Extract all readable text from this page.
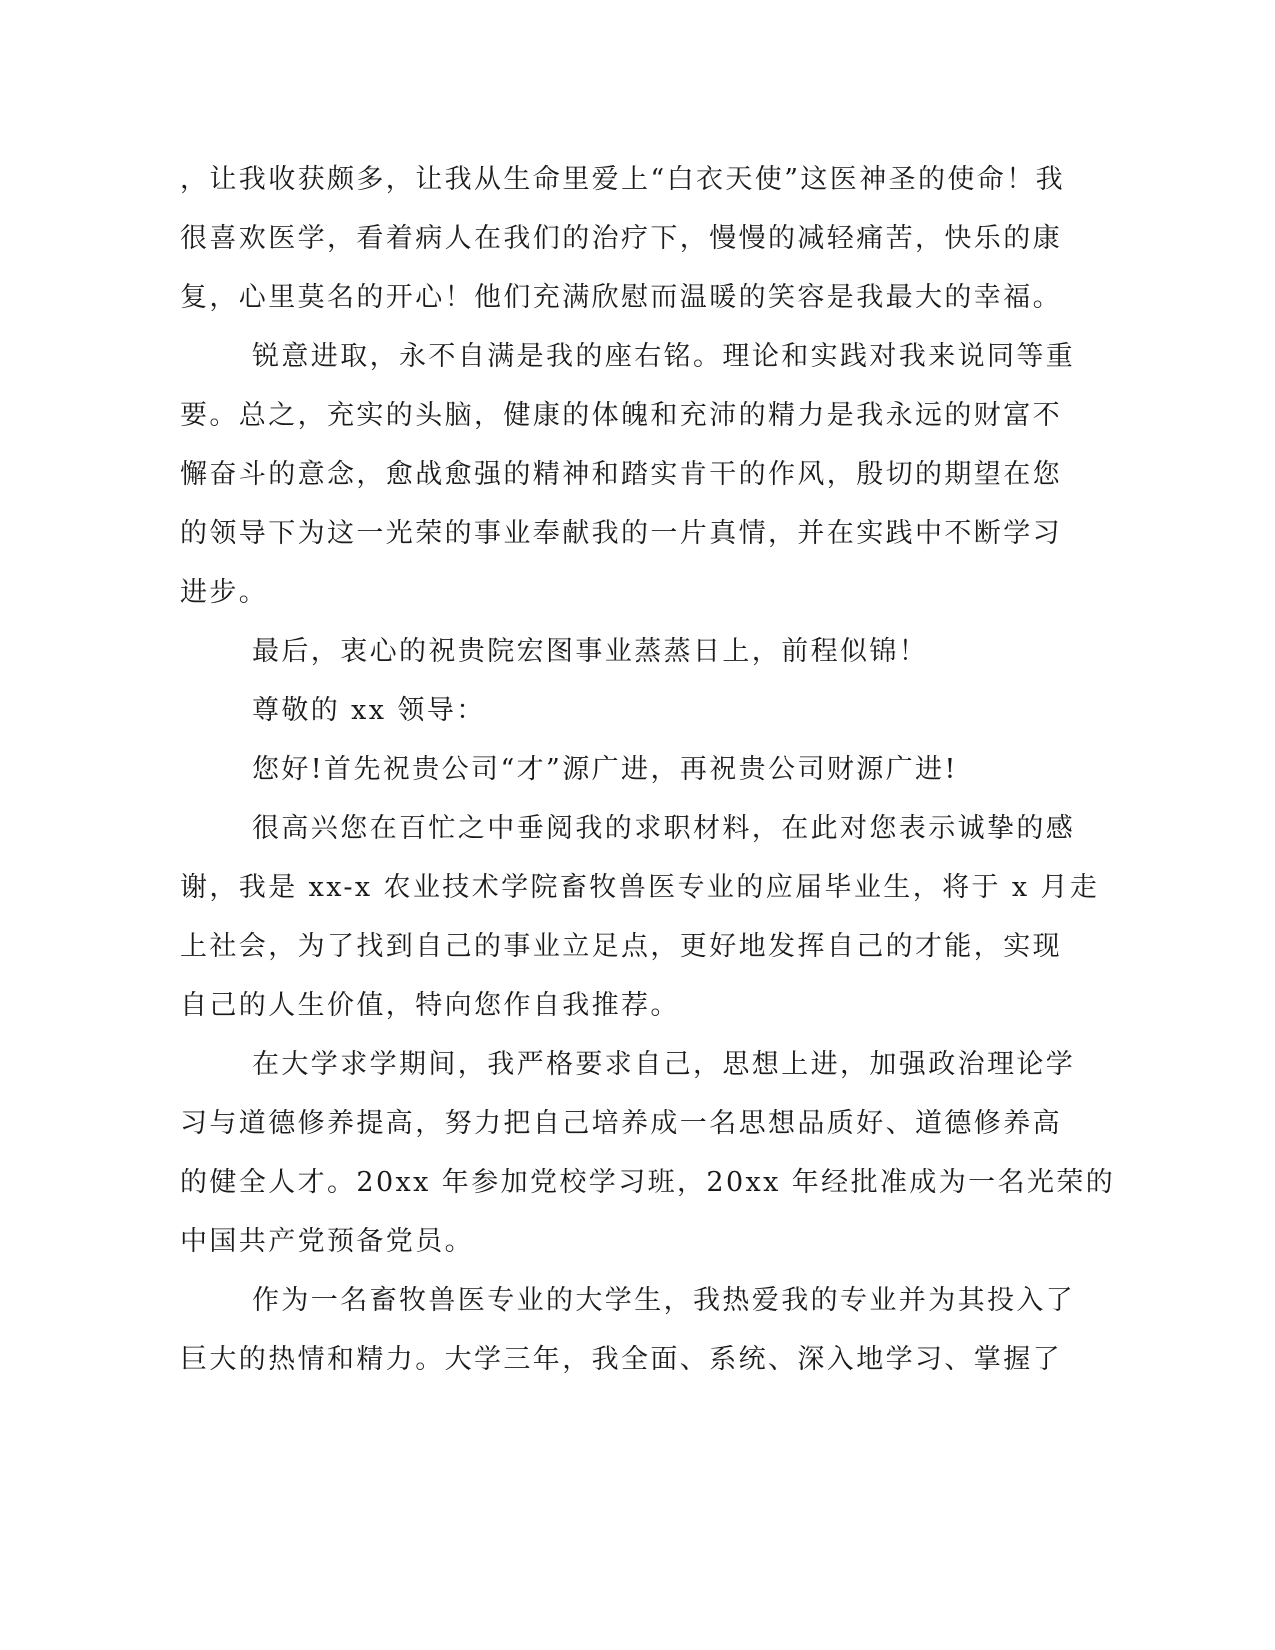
，让我收获颇多，让我从生命里爱上“白衣天使”这医神圣的使命！我
很喜欢医学，看着病人在我们的治疗下，慢慢的减轻痛苦，快乐的康
复，心里莫名的开心！他们充满欣慰而温暖的笑容是我最大的幸福。
锐意进取，永不自满是我的座右铭。理论和实践对我来说同等重
要。总之，充实的头脑，健康的体魄和充沛的精力是我永远的财富不
懈奋斗的意念，愈战愈强的精神和踏实肯干的作风，殷切的期望在您
的领导下为这一光荣的事业奉献我的一片真情，并在实践中不断学习
进步。
最后，衷心的祝贵院宏图事业蒸蒸日上，前程似锦！
尊敬的 xx 领导：
您好!首先祝贵公司“才”源广进，再祝贵公司财源广进!
很高兴您在百忙之中垂阅我的求职材料，在此对您表示诚挚的感
谢，我是 xx-x 农业技术学院畜牧兽医专业的应届毕业生，将于 x 月走
上社会，为了找到自己的事业立足点，更好地发挥自己的才能，实现
自己的人生价值，特向您作自我推荐。
在大学求学期间，我严格要求自己，思想上进，加强政治理论学
习与道德修养提高，努力把自己培养成一名思想品质好、道德修养高
的健全人才。20xx 年参加党校学习班，20xx 年经批准成为一名光荣的
中国共产党预备党员。
作为一名畜牧兽医专业的大学生，我热爱我的专业并为其投入了
巨大的热情和精力。大学三年，我全面、系统、深入地学习、掌握了
